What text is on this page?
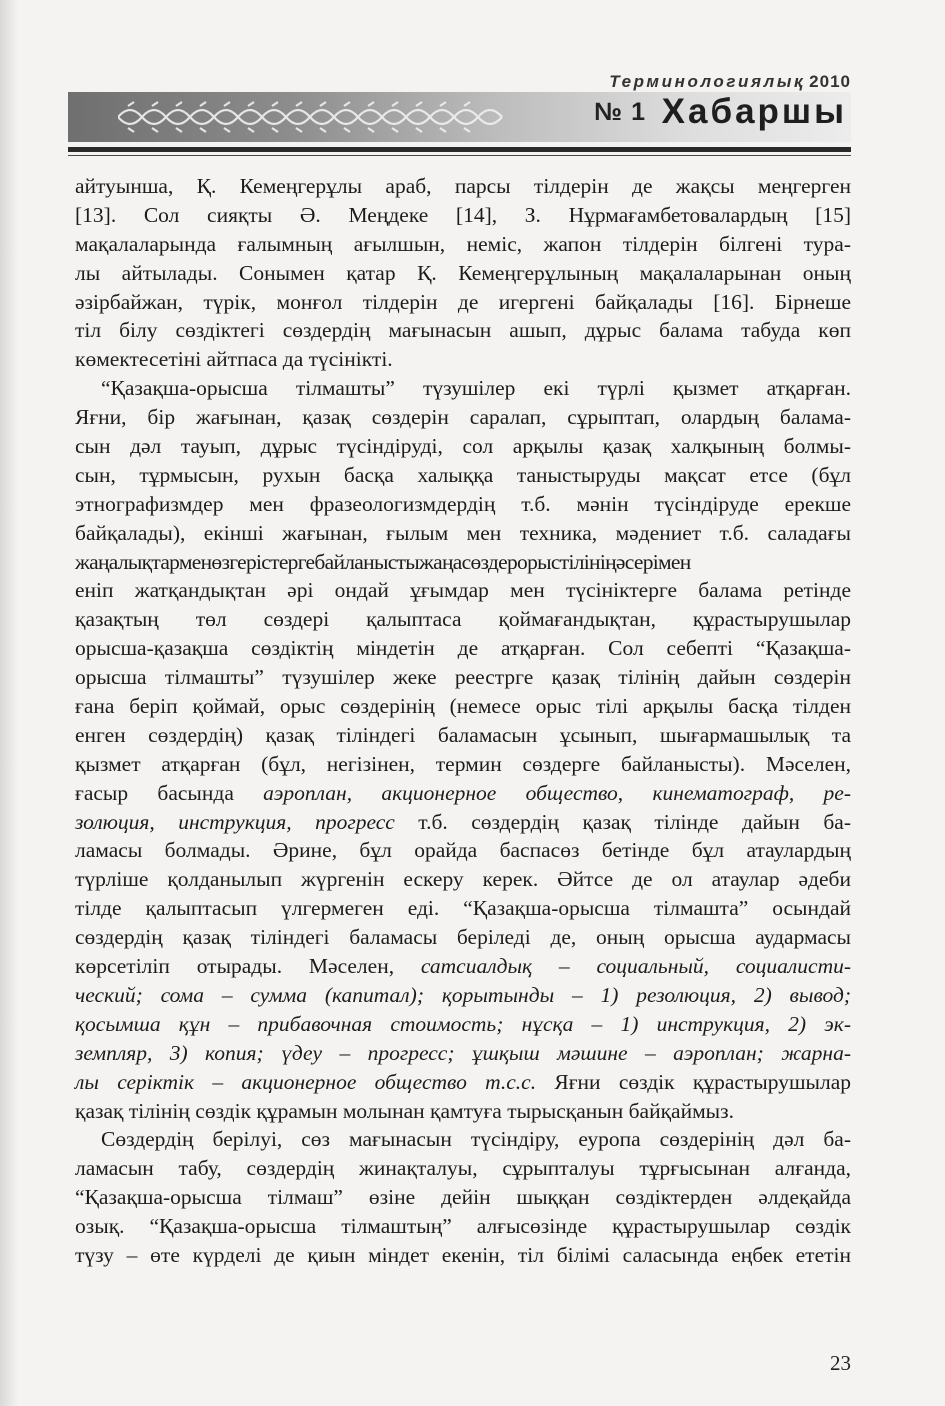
Терминологиялық 2010
№ 1 Хабаршы
айтуынша, Қ. Кемеңгерұлы араб, парсы тілдерін де жақсы меңгерген
[13]. Сол сияқты Ә. Меңдеке [14], З. Нұрмағамбетовалардың [15]
мақалаларында ғалымның ағылшын, неміс, жапон тілдерін білгені тура-
лы айтылады. Сонымен қатар Қ. Кемеңгерұлының мақалаларынан оның
әзірбайжан, түрік, монғол тілдерін де игергені байқалады [16]. Бірнеше
тіл білу сөздіктегі сөздердің мағынасын ашып, дұрыс балама табуда көп
көмектесетіні айтпаса да түсінікті.
“Қазақша-орысша тілмашты” түзушілер екі түрлі қызмет атқарған.
Яғни, бір жағынан, қазақ сөздерін саралап, сұрыптап, олардың балама-
сын дәл тауып, дұрыс түсіндіруді, сол арқылы қазақ халқының болмы-
сын, тұрмысын, рухын басқа халыққа таныстыруды мақсат етсе (бұл
этнографизмдер мен фразеологизмдердің т.б. мәнін түсіндіруде ерекше
байқалады), екінші жағынан, ғылым мен техника, мәдениет т.б. саладағы
жаңалықтарменөзгерістергебайланыстыжаңасөздерорыстілініңәсерімен
еніп жатқандықтан әрі ондай ұғымдар мен түсініктерге балама ретінде
қазақтың төл сөздері қалыптаса қоймағандықтан, құрастырушылар
орысша-қазақша сөздіктің міндетін де атқарған. Сол себепті “Қазақша-
орысша тілмашты” түзушілер жеке реестрге қазақ тілінің дайын сөздерін
ғана беріп қоймай, орыс сөздерінің (немесе орыс тілі арқылы басқа тілден
енген сөздердің) қазақ тіліндегі баламасын ұсынып, шығармашылық та
қызмет атқарған (бұл, негізінен, термин сөздерге байланысты). Мәселен,
ғасыр басында аэроплан, акционерное общество, кинематограф, ре-
золюция, инструкция, прогресс т.б. сөздердің қазақ тілінде дайын ба-
ламасы болмады. Әрине, бұл орайда баспасөз бетінде бұл атаулардың
түрліше қолданылып жүргенін ескеру керек. Әйтсе де ол атаулар әдеби
тілде қалыптасып үлгермеген еді. “Қазақша-орысша тілмашта” осындай
сөздердің қазақ тіліндегі баламасы беріледі де, оның орысша аудармасы
көрсетіліп отырады. Мәселен, сатсиалдық – социальный, социалисти-
ческий; сома – сумма (капитал); қорытынды – 1) резолюция, 2) вывод;
қосымша құн – прибавочная стоимость; нұсқа – 1) инструкция, 2) эк-
земпляр, 3) копия; үдеу – прогресс; ұшқыш мәшине – аэроплан; жарна-
лы серіктік – акционерное общество т.с.с. Яғни сөздік құрастырушылар
қазақ тілінің сөздік құрамын молынан қамтуға тырысқанын байқаймыз.
Сөздердің берілуі, сөз мағынасын түсіндіру, еуропа сөздерінің дәл ба-
ламасын табу, сөздердің жинақталуы, сұрыпталуы тұрғысынан алғанда,
“Қазақша-орысша тілмаш” өзіне дейін шыққан сөздіктерден әлдеқайда
озық. “Қазақша-орысша тілмаштың” алғысөзінде құрастырушылар сөздік
түзу – өте күрделі де қиын міндет екенін, тіл білімі саласында еңбек ететін
23
